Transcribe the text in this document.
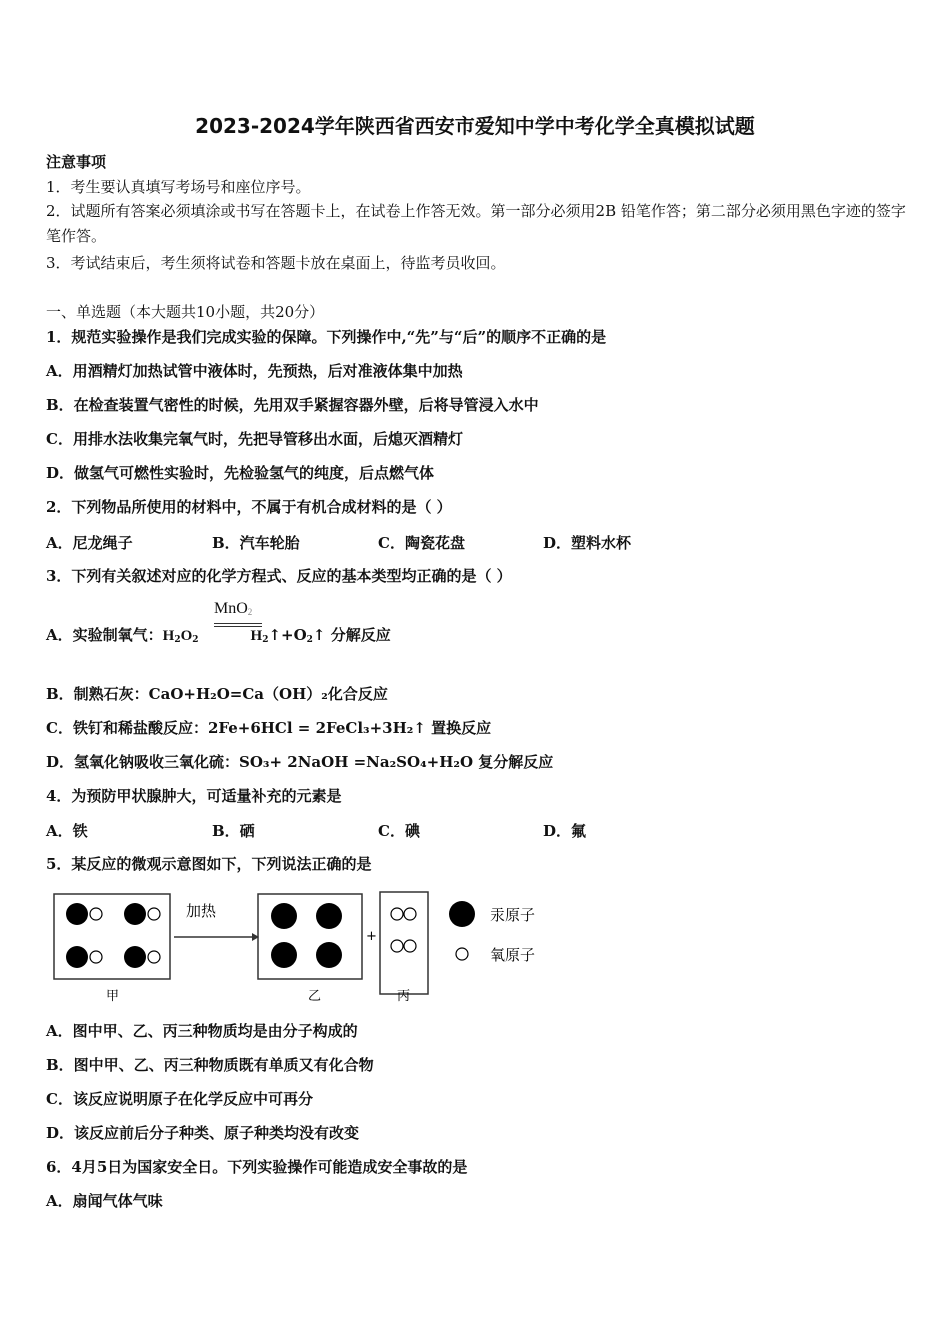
2023-2024学年陕西省西安市爱知中学中考化学全真模拟试题
注意事项
1．考生要认真填写考场号和座位序号。
2．试题所有答案必须填涂或书写在答题卡上，在试卷上作答无效。第一部分必须用2B 铅笔作答；第二部分必须用黑色字迹的签字笔作答。
3．考试结束后，考生须将试卷和答题卡放在桌面上，待监考员收回。
一、单选题（本大题共10小题，共20分）
1．规范实验操作是我们完成实验的保障。下列操作中,“先”与“后”的顺序不正确的是
A．用酒精灯加热试管中液体时，先预热，后对准液体集中加热
B．在检查装置气密性的时候，先用双手紧握容器外壁，后将导管浸入水中
C．用排水法收集完氧气时，先把导管移出水面，后熄灭酒精灯
D．做氢气可燃性实验时，先检验氢气的纯度，后点燃气体
2．下列物品所使用的材料中，不属于有机合成材料的是（ ）
A．尼龙绳子	B．汽车轮胎	C．陶瓷花盘	D．塑料水杯
3．下列有关叙述对应的化学方程式、反应的基本类型均正确的是（ ）
MnO$_2$
A．实验制氧气：$H_2O_2$	$H_2↑+O_2↑$ 分解反应
B．制熟石灰：CaO+H₂O=Ca（OH）₂化合反应
C．铁钉和稀盐酸反应：2Fe+6HCl = 2FeCl₃+3H₂↑ 置换反应
D．氢氧化钠吸收三氧化硫：SO₃+ 2NaOH =Na₂SO₄+H₂O 复分解反应
4．为预防甲状腺肿大，可适量补充的元素是
A．铁	B．硒	C．碘	D．氟
5．某反应的微观示意图如下，下列说法正确的是
加热
+
汞原子
氧原子
甲	乙	丙
A．图中甲、乙、丙三种物质均是由分子构成的
B．图中甲、乙、丙三种物质既有单质又有化合物
C．该反应说明原子在化学反应中可再分
D．该反应前后分子种类、原子种类均没有改变
6．4月5日为国家安全日。下列实验操作可能造成安全事故的是
A．扇闻气体气味
